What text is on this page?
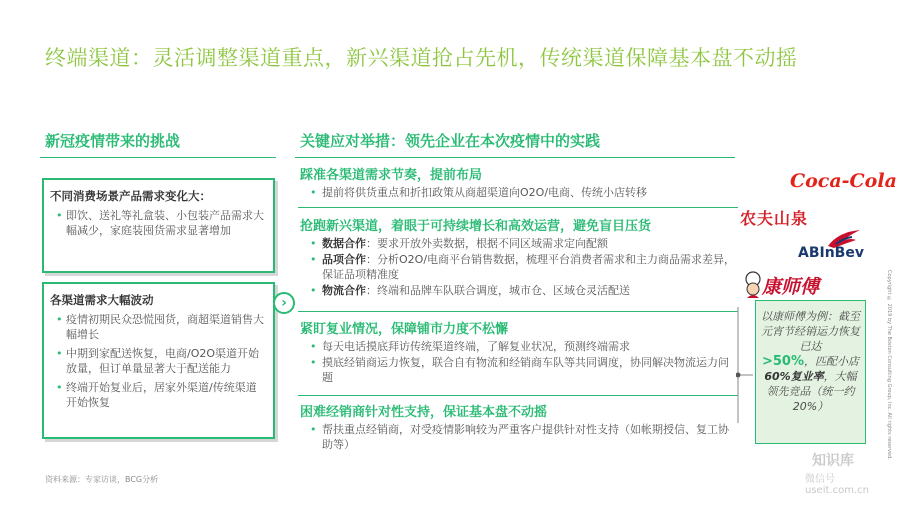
终端渠道：灵活调整渠道重点，新兴渠道抢占先机，传统渠道保障基本盘不动摇
新冠疫情带来的挑战	关键应对举措：领先企业在本次疫情中的实践
不同消费场景产品需求变化大：
• 即饮、送礼等礼盒装、小包装产品需求大幅减少，家庭装囤货需求显著增加
各渠道需求大幅波动
• 疫情初期民众恐慌囤货，商超渠道销售大幅增长
• 中期到家配送恢复，电商/O2O渠道开始放量，但订单量显著大于配送能力
• 终端开始复业后，居家外渠道/传统渠道开始恢复
›
踩准各渠道需求节奏，提前布局
• 提前将供货重点和折扣政策从商超渠道向O2O/电商、传统小店转移
抢跑新兴渠道，着眼于可持续增长和高效运营，避免盲目压货
• 数据合作：要求开放外卖数据，根据不同区域需求定向配额
• 品项合作：分析O2O/电商平台销售数据，梳理平台消费者需求和主力商品需求差异，保证品项精准度
• 物流合作：终端和品牌车队联合调度，城市仓、区域仓灵活配送
紧盯复业情况，保障铺市力度不松懈
• 每天电话摸底拜访传统渠道终端，了解复业状况，预测终端需求
• 摸底经销商运力恢复，联合自有物流和经销商车队等共同调度，协同解决物流运力问题
困难经销商针对性支持，保证基本盘不动摇
• 帮扶重点经销商，对受疫情影响较为严重客户提供针对性支持（如帐期授信、复工协助等）
Coca-Cola
农夫山泉
ABInBev
康师傅
以康师傅为例：截至元宵节经销运力恢复已达
>50%，匹配小店60%复业率，大幅领先竞品（统一约20%）
资料来源：专家访谈，BCG分析
Copyright © 2019 by The Boston Consulting Group, Inc. All rights reserved.
知识库
微信号 useit.com.cn
